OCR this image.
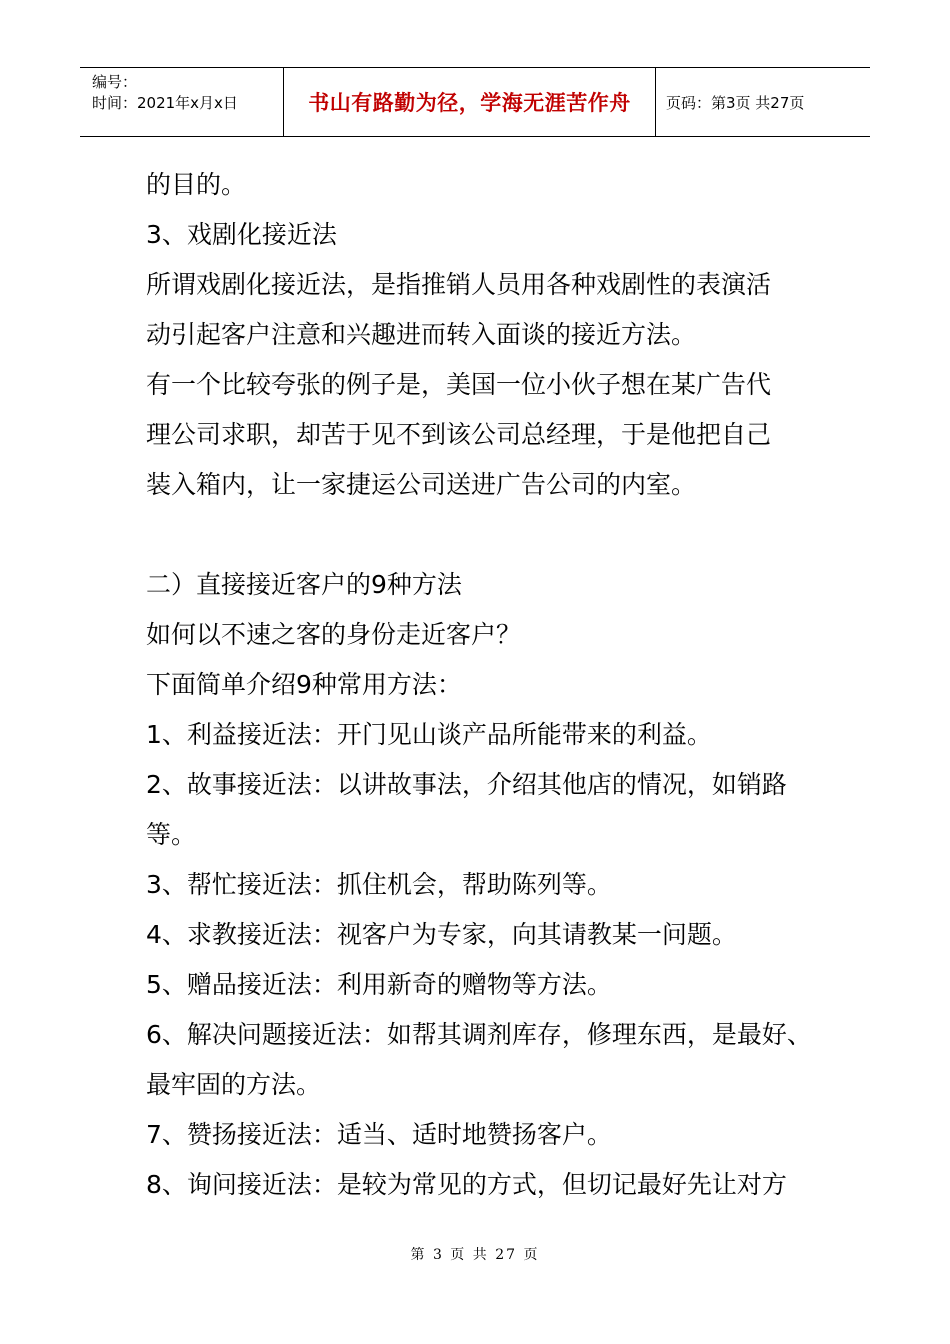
编号：
时间：2021年x月x日	书山有路勤为径，学海无涯苦作舟 页码：第3页 共27页
的目的。
3、戏剧化接近法
所谓戏剧化接近法，是指推销人员用各种戏剧性的表演活
动引起客户注意和兴趣进而转入面谈的接近方法。
有一个比较夸张的例子是，美国一位小伙子想在某广告代
理公司求职，却苦于见不到该公司总经理，于是他把自己
装入箱内，让一家捷运公司送进广告公司的内室。
二）直接接近客户的9种方法
如何以不速之客的身份走近客户？
下面简单介绍9种常用方法：
1、利益接近法：开门见山谈产品所能带来的利益。
2、故事接近法：以讲故事法，介绍其他店的情况，如销路
等。
3、帮忙接近法：抓住机会，帮助陈列等。
4、求教接近法：视客户为专家，向其请教某一问题。
5、赠品接近法：利用新奇的赠物等方法。
6、解决问题接近法：如帮其调剂库存，修理东西，是最好、
最牢固的方法。
7、赞扬接近法：适当、适时地赞扬客户。
8、询问接近法：是较为常见的方式，但切记最好先让对方
第 3 页 共 27 页
